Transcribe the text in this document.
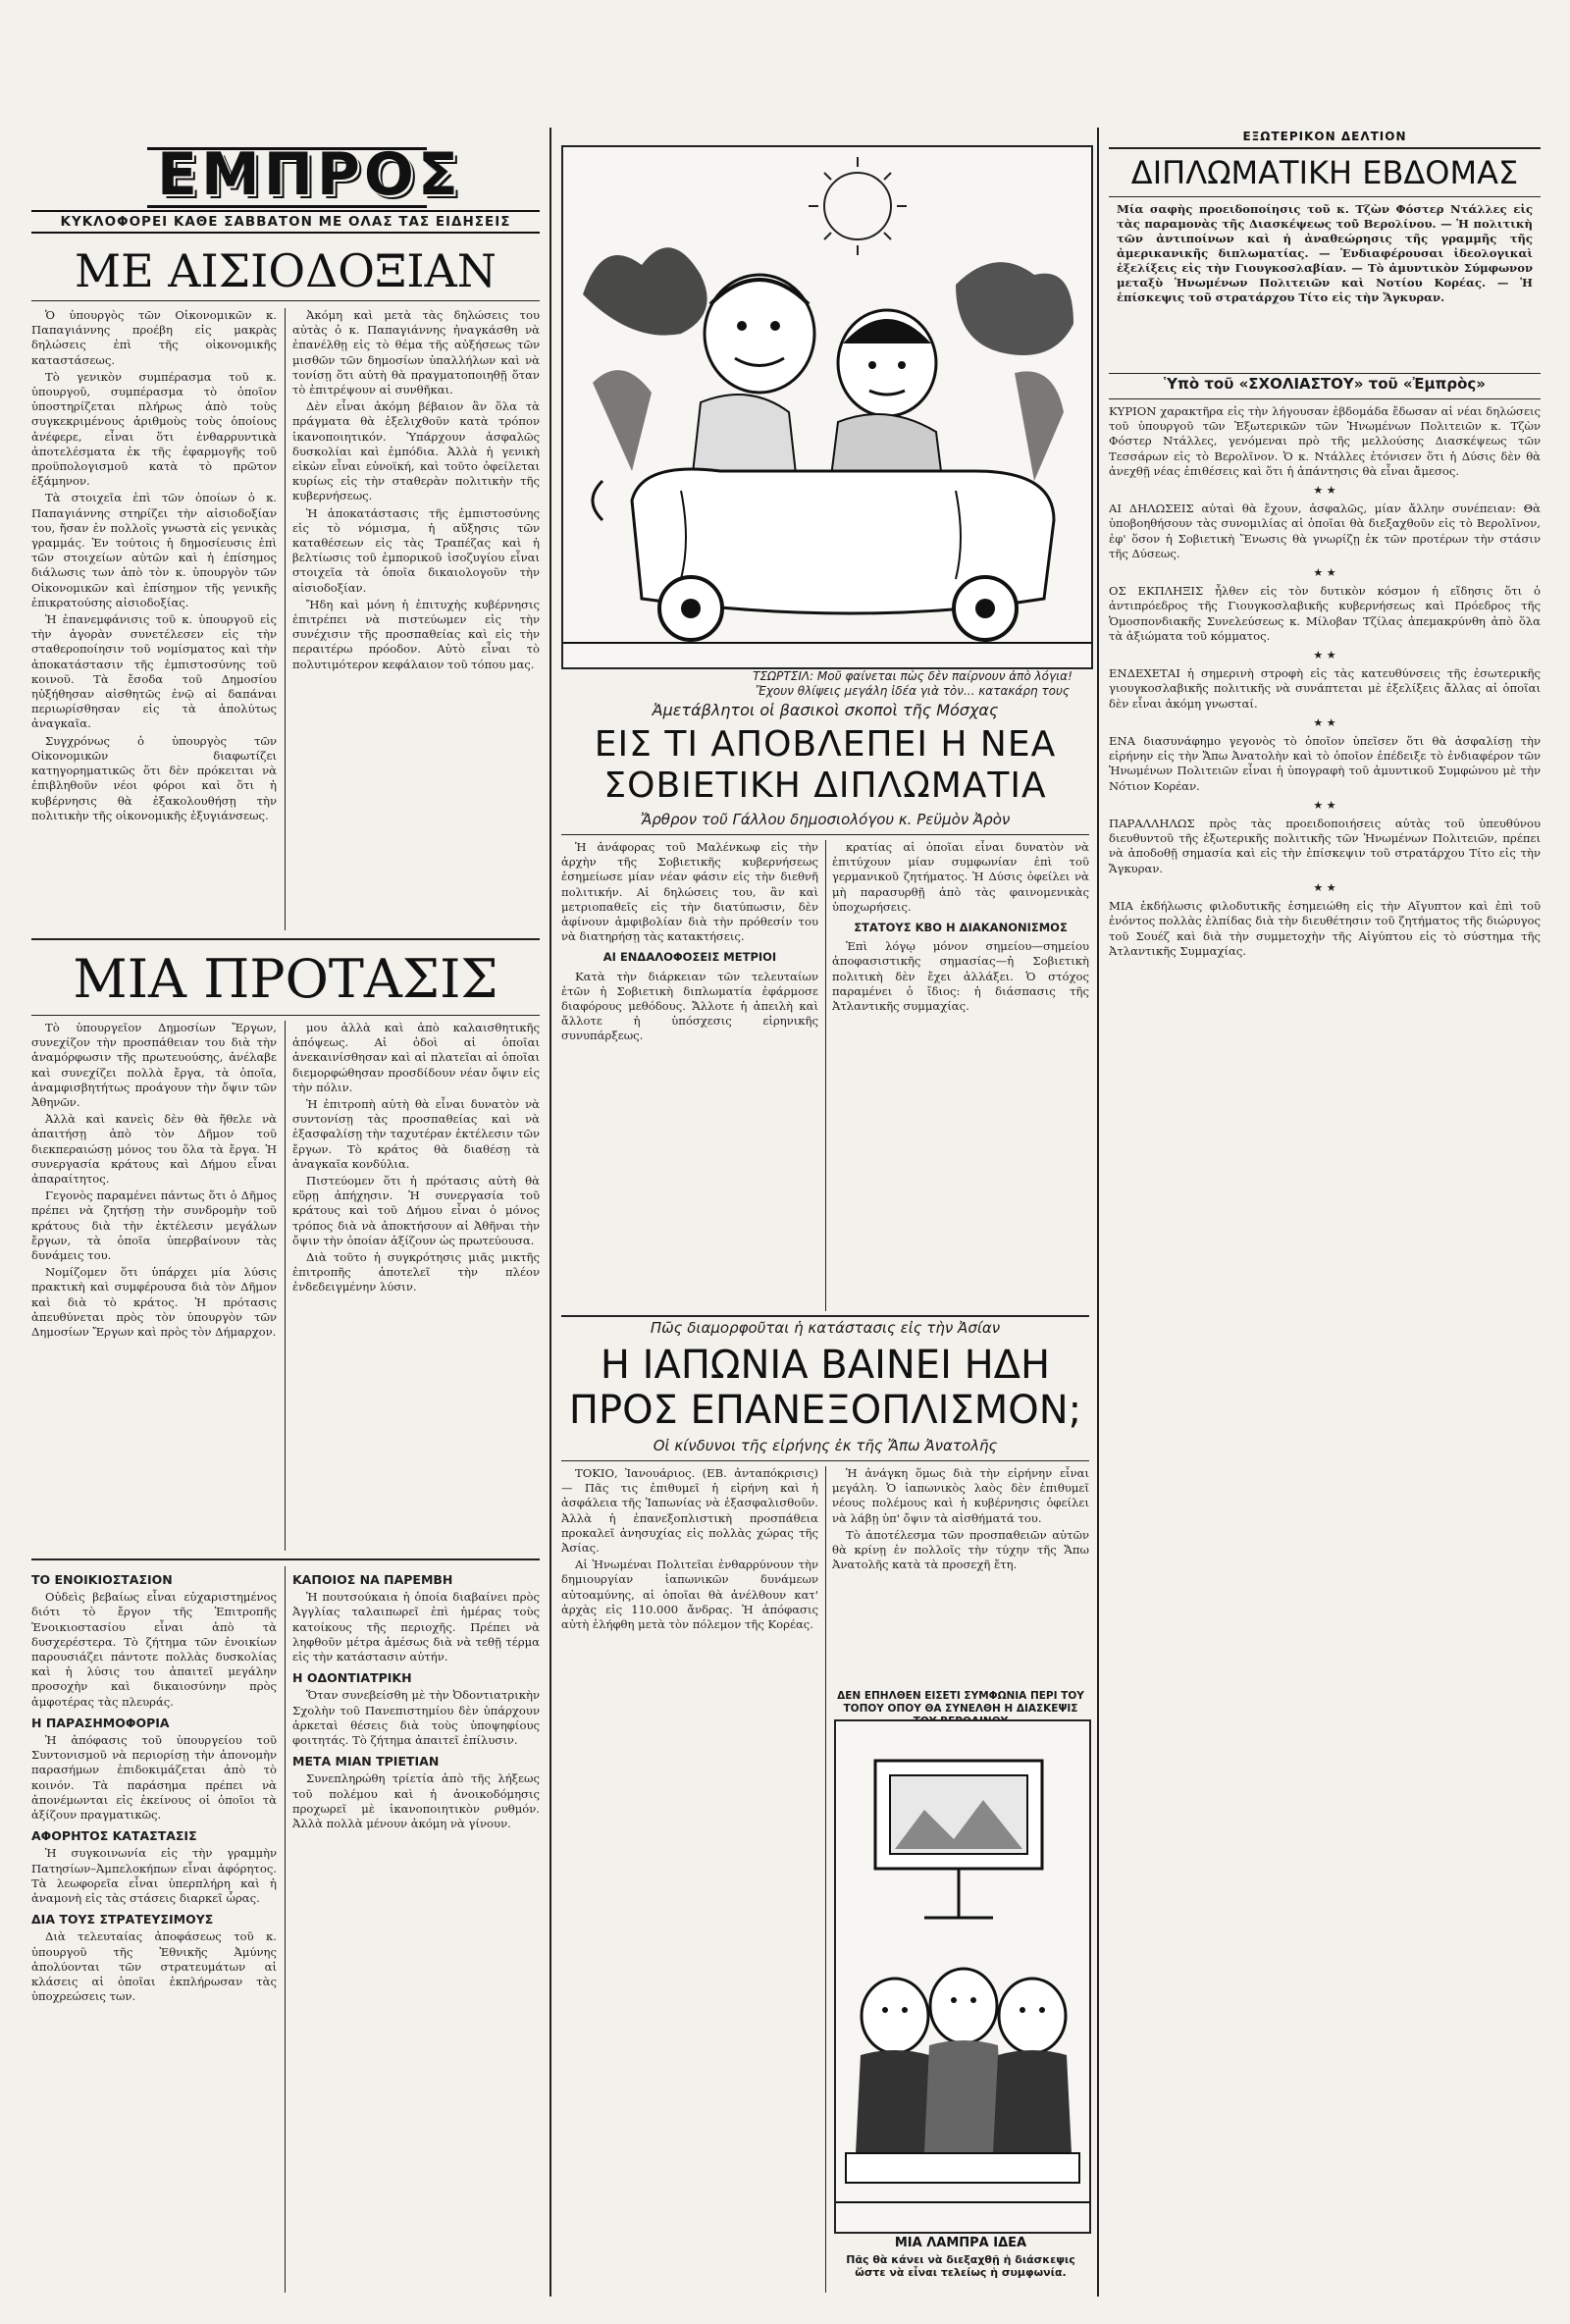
ΕΜΠΡΟΣ
ΚΥΚΛΟΦΟΡΕΙ ΚΑΘΕ ΣΑΒΒΑΤΟΝ ΜΕ ΟΛΑΣ ΤΑΣ ΕΙΔΗΣΕΙΣ
ΜΕ ΑΙΣΙΟΔΟΞΙΑΝ

Ὁ ὑπουργὸς τῶν Οἰκονομικῶν κ. Παπαγιάννης προέβη εἰς μακρὰς δηλώσεις ἐπὶ τῆς οἰκονομικῆς καταστάσεως.

Τὸ γενικὸν συμπέρασμα τοῦ κ. ὑπουργοῦ, συμπέρασμα τὸ ὁποῖον ὑποστηρίζεται πλήρως ἀπὸ τοὺς συγκεκριμένους ἀριθμοὺς τοὺς ὁποίους ἀνέφερε, εἶναι ὅτι ἐνθαρρυντικὰ ἀποτελέσματα ἐκ τῆς ἐφαρμογῆς τοῦ προϋπολογισμοῦ κατὰ τὸ πρῶτον ἑξάμηνον.

Τὰ στοιχεῖα ἐπὶ τῶν ὁποίων ὁ κ. Παπαγιάννης στηρίζει τὴν αἰσιοδοξίαν του, ἤσαν ἐν πολλοῖς γνωστὰ εἰς γενικὰς γραμμάς. Ἐν τούτοις ἡ δημοσίευσις ἐπὶ τῶν στοιχείων αὐτῶν καὶ ἡ ἐπίσημος διάλωσις των ἀπὸ τὸν κ. ὑπουργὸν τῶν Οἰκονομικῶν καὶ ἐπίσημον τῆς γενικῆς ἐπικρατούσης αἰσιοδοξίας.

Ἡ ἐπανεμφάνισις τοῦ κ. ὑπουργοῦ εἰς τὴν ἀγορὰν συνετέλεσεν εἰς τὴν σταθεροποίησιν τοῦ νομίσματος καὶ τὴν ἀποκατάστασιν τῆς ἐμπιστοσύνης τοῦ κοινοῦ. Τὰ ἔσοδα τοῦ Δημοσίου ηὐξήθησαν αἰσθητῶς ἐνῷ αἱ δαπάναι περιωρίσθησαν εἰς τὰ ἀπολύτως ἀναγκαῖα.

Συγχρόνως ὁ ὑπουργὸς τῶν Οἰκονομικῶν διαφωτίζει κατηγορηματικῶς ὅτι δὲν πρόκειται νὰ ἐπιβληθοῦν νέοι φόροι καὶ ὅτι ἡ κυβέρνησις θὰ ἐξακολουθήσῃ τὴν πολιτικὴν τῆς οἰκονομικῆς ἐξυγιάνσεως.

Ἀκόμη καὶ μετὰ τὰς δηλώσεις του αὐτὰς ὁ κ. Παπαγιάννης ἠναγκάσθη νὰ ἐπανέλθῃ εἰς τὸ θέμα τῆς αὐξήσεως τῶν μισθῶν τῶν δημοσίων ὑπαλλήλων καὶ νὰ τονίσῃ ὅτι αὐτὴ θὰ πραγματοποιηθῇ ὅταν τὸ ἐπιτρέψουν αἱ συνθῆκαι.

Δὲν εἶναι ἀκόμη βέβαιον ἂν ὅλα τὰ πράγματα θὰ ἐξελιχθοῦν κατὰ τρόπον ἱκανοποιητικόν. Ὑπάρχουν ἀσφαλῶς δυσκολίαι καὶ ἐμπόδια. Ἀλλὰ ἡ γενικὴ εἰκὼν εἶναι εὐνοϊκή, καὶ τοῦτο ὀφείλεται κυρίως εἰς τὴν σταθερὰν πολιτικὴν τῆς κυβερνήσεως.

Ἡ ἀποκατάστασις τῆς ἐμπιστοσύνης εἰς τὸ νόμισμα, ἡ αὔξησις τῶν καταθέσεων εἰς τὰς Τραπέζας καὶ ἡ βελτίωσις τοῦ ἐμπορικοῦ ἰσοζυγίου εἶναι στοιχεῖα τὰ ὁποῖα δικαιολογοῦν τὴν αἰσιοδοξίαν.

Ἤδη καὶ μόνη ἡ ἐπιτυχὴς κυβέρνησις ἐπιτρέπει νὰ πιστεύωμεν εἰς τὴν συνέχισιν τῆς προσπαθείας καὶ εἰς τὴν περαιτέρω πρόοδον. Αὐτὸ εἶναι τὸ πολυτιμότερον κεφάλαιον τοῦ τόπου μας.

ΜΙΑ ΠΡΟΤΑΣΙΣ

Τὸ ὑπουργεῖον Δημοσίων Ἔργων, συνεχίζον τὴν προσπάθειαν του διὰ τὴν ἀναμόρφωσιν τῆς πρωτευούσης, ἀνέλαβε καὶ συνεχίζει πολλὰ ἔργα, τὰ ὁποῖα, ἀναμφισβητήτως προάγουν τὴν ὄψιν τῶν Ἀθηνῶν.

Ἀλλὰ καὶ κανεὶς δὲν θὰ ἤθελε νὰ ἀπαιτήσῃ ἀπὸ τὸν Δῆμον τοῦ διεκπεραιώσῃ μόνος του ὅλα τὰ ἔργα. Ἡ συνεργασία κράτους καὶ Δήμου εἶναι ἀπαραίτητος.

Γεγονὸς παραμένει πάντως ὅτι ὁ Δῆμος πρέπει νὰ ζητήσῃ τὴν συνδρομὴν τοῦ κράτους διὰ τὴν ἐκτέλεσιν μεγάλων ἔργων, τὰ ὁποῖα ὑπερβαίνουν τὰς δυνάμεις του.

Νομίζομεν ὅτι ὑπάρχει μία λύσις πρακτικὴ καὶ συμφέρουσα διὰ τὸν Δῆμον καὶ διὰ τὸ κράτος. Ἡ πρότασις ἀπευθύνεται πρὸς τὸν ὑπουργὸν τῶν Δημοσίων Ἔργων καὶ πρὸς τὸν Δήμαρχον.

μου ἀλλὰ καὶ ἀπὸ καλαισθητικῆς ἀπόψεως. Αἱ ὁδοὶ αἱ ὁποῖαι ἀνεκαινίσθησαν καὶ αἱ πλατεῖαι αἱ ὁποῖαι διεμορφώθησαν προσδίδουν νέαν ὄψιν εἰς τὴν πόλιν.

Ἡ ἐπιτροπὴ αὐτὴ θὰ εἶναι δυνατὸν νὰ συντονίσῃ τὰς προσπαθείας καὶ νὰ ἐξασφαλίσῃ τὴν ταχυτέραν ἐκτέλεσιν τῶν ἔργων. Τὸ κράτος θὰ διαθέσῃ τὰ ἀναγκαῖα κονδύλια.

Πιστεύομεν ὅτι ἡ πρότασις αὐτὴ θὰ εὕρῃ ἀπήχησιν. Ἡ συνεργασία τοῦ κράτους καὶ τοῦ Δήμου εἶναι ὁ μόνος τρόπος διὰ νὰ ἀποκτήσουν αἱ Ἀθῆναι τὴν ὄψιν τὴν ὁποίαν ἀξίζουν ὡς πρωτεύουσα.

Διὰ τοῦτο ἡ συγκρότησις μιᾶς μικτῆς ἐπιτροπῆς ἀποτελεῖ τὴν πλέον ἐνδεδειγμένην λύσιν.

ΤΟ ΕΝΟΙΚΙΟΣΤΑΣΙΟΝ

Οὐδεὶς βεβαίως εἶναι εὐχαριστημένος διότι τὸ ἔργον τῆς Ἐπιτροπῆς Ἐνοικιοστασίου εἶναι ἀπὸ τὰ δυσχερέστερα. Τὸ ζήτημα τῶν ἐνοικίων παρουσιάζει πάντοτε πολλὰς δυσκολίας καὶ ἡ λύσις του ἀπαιτεῖ μεγάλην προσοχὴν καὶ δικαιοσύνην πρὸς ἀμφοτέρας τὰς πλευράς.

Η ΠΑΡΑΣΗΜΟΦΟΡΙΑ

Ἡ ἀπόφασις τοῦ ὑπουργείου τοῦ Συντονισμοῦ νὰ περιορίσῃ τὴν ἀπονομὴν παρασήμων ἐπιδοκιμάζεται ἀπὸ τὸ κοινόν. Τὰ παράσημα πρέπει νὰ ἀπονέμωνται εἰς ἐκείνους οἱ ὁποῖοι τὰ ἀξίζουν πραγματικῶς.

ΑΦΟΡΗΤΟΣ ΚΑΤΑΣΤΑΣΙΣ

Ἡ συγκοινωνία εἰς τὴν γραμμὴν Πατησίων–Ἀμπελοκήπων εἶναι ἀφόρητος. Τὰ λεωφορεῖα εἶναι ὑπερπλήρη καὶ ἡ ἀναμονὴ εἰς τὰς στάσεις διαρκεῖ ὧρας.

ΔΙΑ ΤΟΥΣ ΣΤΡΑΤΕΥΣΙΜΟΥΣ

Διὰ τελευταίας ἀποφάσεως τοῦ κ. ὑπουργοῦ τῆς Ἐθνικῆς Ἀμύνης ἀπολύονται τῶν στρατευμάτων αἱ κλάσεις αἱ ὁποῖαι ἐκπλήρωσαν τὰς ὑποχρεώσεις των.

ΚΑΠΟΙΟΣ ΝΑ ΠΑΡΕΜΒΗ

Ἡ πουτσούκαια ἡ ὁποία διαβαίνει πρὸς Ἀγγλίας ταλαιπωρεῖ ἐπὶ ἡμέρας τοὺς κατοίκους τῆς περιοχῆς. Πρέπει νὰ ληφθοῦν μέτρα ἀμέσως διὰ νὰ τεθῇ τέρμα εἰς τὴν κατάστασιν αὐτήν.

Η ΟΔΟΝΤΙΑΤΡΙΚΗ

Ὅταν συνεβείσθη μὲ τὴν Ὀδοντιατρικὴν Σχολὴν τοῦ Πανεπιστημίου δὲν ὑπάρχουν ἀρκεταὶ θέσεις διὰ τοὺς ὑποψηφίους φοιτητάς. Τὸ ζήτημα ἀπαιτεῖ ἐπίλυσιν.

ΜΕΤΑ ΜΙΑΝ ΤΡΙΕΤΙΑΝ

Συνεπληρώθη τρίετία ἀπὸ τῆς λήξεως τοῦ πολέμου καὶ ἡ ἀνοικοδόμησις προχωρεῖ μὲ ἱκανοποιητικὸν ρυθμόν. Ἀλλὰ πολλὰ μένουν ἀκόμη νὰ γίνουν.

ΤΣΩΡΤΣΙΛ: Μοῦ φαίνεται πὼς δὲν παίρνουν ἀπὸ λόγια! Ἔχουν θλίψεις μεγάλη ἰδέα γιὰ τὸν... κατακάρη τους
Ἀμετάβλητοι οἱ βασικοὶ σκοποὶ τῆς Μόσχας
ΕΙΣ ΤΙ ΑΠΟΒΛΕΠΕΙ Η ΝΕΑ ΣΟΒΙΕΤΙΚΗ ΔΙΠΛΩΜΑΤΙΑ
Ἄρθρον τοῦ Γάλλου δημοσιολόγου κ. Ρεϋμὸν Ἀρὸν

Ἡ ἀνάφορας τοῦ Μαλένκωφ εἰς τὴν ἀρχὴν τῆς Σοβιετικῆς κυβερνήσεως ἐσημείωσε μίαν νέαν φάσιν εἰς τὴν διεθνῆ πολιτικήν. Αἱ δηλώσεις του, ἂν καὶ μετριοπαθεῖς εἰς τὴν διατύπωσιν, δὲν ἀφίνουν ἀμφιβολίαν διὰ τὴν πρόθεσίν του νὰ διατηρήσῃ τὰς κατακτήσεις.

ΑΙ ΕΝΔΑΛΟΦΟΣΕΙΣ ΜΕΤΡΙΟΙ

Κατὰ τὴν διάρκειαν τῶν τελευταίων ἐτῶν ἡ Σοβιετικὴ διπλωματία ἐφάρμοσε διαφόρους μεθόδους. Ἄλλοτε ἡ ἀπειλὴ καὶ ἄλλοτε ἡ ὑπόσχεσις εἰρηνικῆς συνυπάρξεως.

κρατίας αἱ ὁποῖαι εἶναι δυνατὸν νὰ ἐπιτύχουν μίαν συμφωνίαν ἐπὶ τοῦ γερμανικοῦ ζητήματος. Ἡ Δύσις ὀφείλει νὰ μὴ παρασυρθῇ ἀπὸ τὰς φαινομενικὰς ὑποχωρήσεις.

ΣΤΑΤΟΥΣ ΚΒΟ Η ΔΙΑΚΑΝΟΝΙΣΜΟΣ

Ἐπὶ λόγῳ μόνον σημείου—σημείου ἀποφασιστικῆς σημασίας—ἡ Σοβιετικὴ πολιτικὴ δὲν ἔχει ἀλλάξει. Ὁ στόχος παραμένει ὁ ἴδιος: ἡ διάσπασις τῆς Ἀτλαντικῆς συμμαχίας.

Πῶς διαμορφοῦται ἡ κατάστασις εἰς τὴν Ἀσίαν
Η ΙΑΠΩΝΙΑ ΒΑΙΝΕΙ ΗΔΗ ΠΡΟΣ ΕΠΑΝΕΞΟΠΛΙΣΜΟΝ;
Οἱ κίνδυνοι τῆς εἰρήνης ἐκ τῆς Ἄπω Ἀνατολῆς

ΤΟΚΙΟ, Ἰανουάριος. (ΕΒ. ἀνταπόκρισις)— Πᾶς τις ἐπιθυμεῖ ἡ εἰρήνη καὶ ἡ ἀσφάλεια τῆς Ἰαπωνίας νὰ ἐξασφαλισθοῦν. Ἀλλὰ ἡ ἐπανεξοπλιστικὴ προσπάθεια προκαλεῖ ἀνησυχίας εἰς πολλὰς χώρας τῆς Ἀσίας.

Αἱ Ἡνωμέναι Πολιτεῖαι ἐνθαρρύνουν τὴν δημιουργίαν ἰαπωνικῶν δυνάμεων αὐτοαμύνης, αἱ ὁποῖαι θὰ ἀνέλθουν κατ' ἀρχὰς εἰς 110.000 ἄνδρας. Ἡ ἀπόφασις αὐτὴ ἐλήφθη μετὰ τὸν πόλεμον τῆς Κορέας.

Ἡ ἀνάγκη ὅμως διὰ τὴν εἰρήνην εἶναι μεγάλη. Ὁ ἰαπωνικὸς λαὸς δὲν ἐπιθυμεῖ νέους πολέμους καὶ ἡ κυβέρνησις ὀφείλει νὰ λάβῃ ὑπ' ὄψιν τὰ αἰσθήματά του.

Τὸ ἀποτέλεσμα τῶν προσπαθειῶν αὐτῶν θὰ κρίνῃ ἐν πολλοῖς τὴν τύχην τῆς Ἄπω Ἀνατολῆς κατὰ τὰ προσεχῆ ἔτη.

ΔΕΝ ΕΠΗΛΘΕΝ ΕΙΣΕΤΙ ΣΥΜΦΩΝΙΑ ΠΕΡΙ ΤΟΥ ΤΟΠΟΥ ΟΠΟΥ ΘΑ ΣΥΝΕΛΘΗ Η ΔΙΑΣΚΕΨΙΣ
ΜΙΑ ΛΑΜΠΡΑ ΙΔΕΑ
Πᾶς θὰ κάνει νὰ διεξαχθῇ ἡ διάσκεψις ὥστε νὰ εἶναι τελείως ἡ συμφωνία.
ΕΞΩΤΕΡΙΚΟΝ ΔΕΛΤΙΟΝ
ΔΙΠΛΩΜΑΤΙΚΗ ΕΒΔΟΜΑΣ
Μία σαφὴς προειδοποίησις τοῦ κ. Τζὼν Φόστερ Ντάλλες εἰς τὰς παραμονὰς τῆς Διασκέψεως τοῦ Βερολίνου. — Ἡ πολιτικὴ τῶν ἀντιποίνων καὶ ἡ ἀναθεώρησις τῆς γραμμῆς τῆς ἀμερικανικῆς διπλωματίας. — Ἐνδιαφέρουσαι ἰδεολογικαὶ ἐξελίξεις εἰς τὴν Γιουγκοσλαβίαν. — Τὸ ἀμυντικὸν Σύμφωνον μεταξὺ Ἡνωμένων Πολιτειῶν καὶ Νοτίου Κορέας. — Ἡ ἐπίσκεψις τοῦ στρατάρχου Τίτο εἰς τὴν Ἄγκυραν.
Ὑπὸ τοῦ «ΣΧΟΛΙΑΣΤΟΥ» τοῦ «Ἐμπρὸς»

ΚΥΡΙΟΝ χαρακτῆρα εἰς τὴν λήγουσαν ἑβδομάδα ἔδωσαν αἱ νέαι δηλώσεις τοῦ ὑπουργοῦ τῶν Ἐξωτερικῶν τῶν Ἡνωμένων Πολιτειῶν κ. Τζὼν Φόστερ Ντάλλες, γενόμεναι πρὸ τῆς μελλούσης Διασκέψεως τῶν Τεσσάρων εἰς τὸ Βερολῖνον. Ὁ κ. Ντάλλες ἐτόνισεν ὅτι ἡ Δύσις δὲν θὰ ἀνεχθῇ νέας ἐπιθέσεις καὶ ὅτι ἡ ἀπάντησις θὰ εἶναι ἄμεσος.

★ ★

ΑΙ ΔΗΛΩΣΕΙΣ αὐταὶ θὰ ἔχουν, ἀσφαλῶς, μίαν ἄλλην συνέπειαν: Θὰ ὑποβοηθήσουν τὰς συνομιλίας αἱ ὁποῖαι θὰ διεξαχθοῦν εἰς τὸ Βερολῖνον, ἐφ' ὅσον ἡ Σοβιετικὴ Ἕνωσις θὰ γνωρίζῃ ἐκ τῶν προτέρων τὴν στάσιν τῆς Δύσεως.

★ ★

ΟΣ ΕΚΠΛΗΞΙΣ ἦλθεν εἰς τὸν δυτικὸν κόσμον ἡ εἴδησις ὅτι ὁ ἀντιπρόεδρος τῆς Γιουγκοσλαβικῆς κυβερνήσεως καὶ Πρόεδρος τῆς Ὁμοσπονδιακῆς Συνελεύσεως κ. Μίλοβαν Τζίλας ἀπεμακρύνθη ἀπὸ ὅλα τὰ ἀξιώματα τοῦ κόμματος.

★ ★

ΕΝΔΕΧΕΤΑΙ ἡ σημερινὴ στροφὴ εἰς τὰς κατευθύνσεις τῆς ἐσωτερικῆς γιουγκοσλαβικῆς πολιτικῆς νὰ συνάπτεται μὲ ἐξελίξεις ἄλλας αἱ ὁποῖαι δὲν εἶναι ἀκόμη γνωσταί.

★ ★

ΕΝΑ διασυνάφημο γεγονὸς τὸ ὁποῖον ὑπεῖσεν ὅτι θὰ ἀσφαλίσῃ τὴν εἰρήνην εἰς τὴν Ἄπω Ἀνατολὴν καὶ τὸ ὁποῖον ἐπέδειξε τὸ ἐνδιαφέρον τῶν Ἡνωμένων Πολιτειῶν εἶναι ἡ ὑπογραφὴ τοῦ ἀμυντικοῦ Συμφώνου μὲ τὴν Νότιον Κορέαν.

★ ★

ΠΑΡΑΛΛΗΛΩΣ πρὸς τὰς προειδοποιήσεις αὐτὰς τοῦ ὑπευθύνου διευθυντοῦ τῆς ἐξωτερικῆς πολιτικῆς τῶν Ἡνωμένων Πολιτειῶν, πρέπει νὰ ἀποδοθῇ σημασία καὶ εἰς τὴν ἐπίσκεψιν τοῦ στρατάρχου Τίτο εἰς τὴν Ἄγκυραν.

★ ★

ΜΙΑ ἐκδήλωσις φιλοδυτικῆς ἐσημειώθη εἰς τὴν Αἴγυπτον καὶ ἐπὶ τοῦ ἐνόντος πολλὰς ἐλπίδας διὰ τὴν διευθέτησιν τοῦ ζητήματος τῆς διώρυγος τοῦ Σουέζ καὶ διὰ τὴν συμμετοχὴν τῆς Αἰγύπτου εἰς τὸ σύστημα τῆς Ἀτλαντικῆς Συμμαχίας.
